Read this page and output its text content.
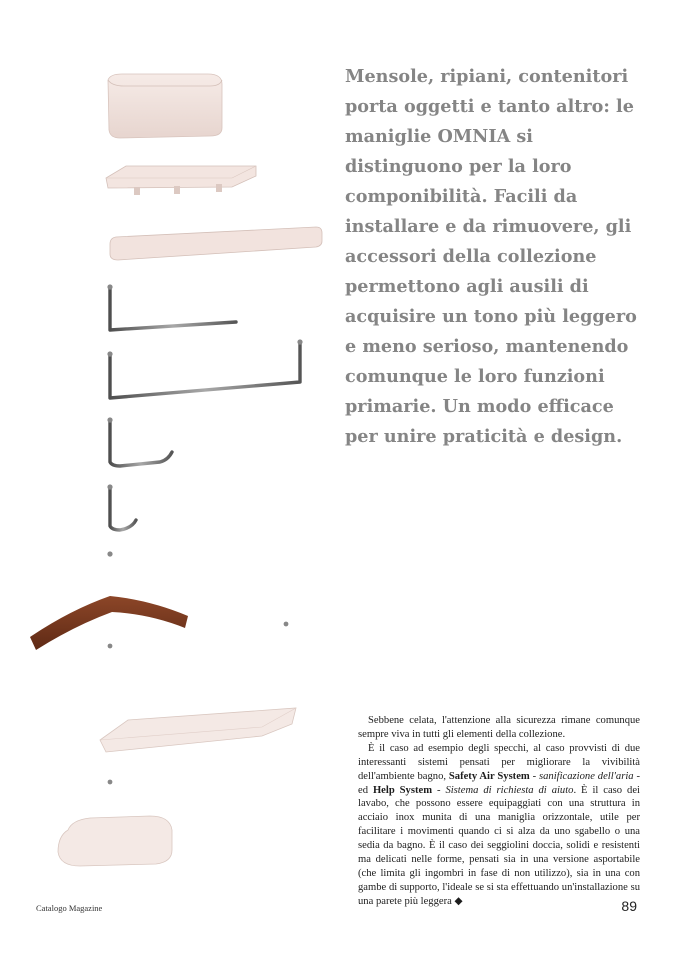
Mensole, ripiani, contenitori porta oggetti e tanto altro: le maniglie OMNIA si distinguono per la loro componibilità. Facili da installare e da rimuovere, gli accessori della collezione permettono agli ausili di acquisire un tono più leggero e meno serioso, mantenendo comunque le loro funzioni primarie. Un modo efficace per unire praticità e design.

Sebbene celata, l'attenzione alla sicurezza rimane comunque sempre viva in tutti gli elementi della collezione.

È il caso ad esempio degli specchi, al caso provvisti di due interessanti sistemi pensati per migliorare la vivibilità dell'ambiente bagno, Safety Air System - sanificazione dell'aria - ed Help System - Sistema di richiesta di aiuto. È il caso dei lavabo, che possono essere equipaggiati con una struttura in acciaio inox munita di una maniglia orizzontale, utile per facilitare i movimenti quando ci si alza da uno sgabello o una sedia da bagno. È il caso dei seggiolini doccia, solidi e resistenti ma delicati nelle forme, pensati sia in una versione asportabile (che limita gli ingombri in fase di non utilizzo), sia in una con gambe di supporto, l'ideale se si sta effettuando un'installazione su una parete più leggera ◆

Catalogo Magazine	89
